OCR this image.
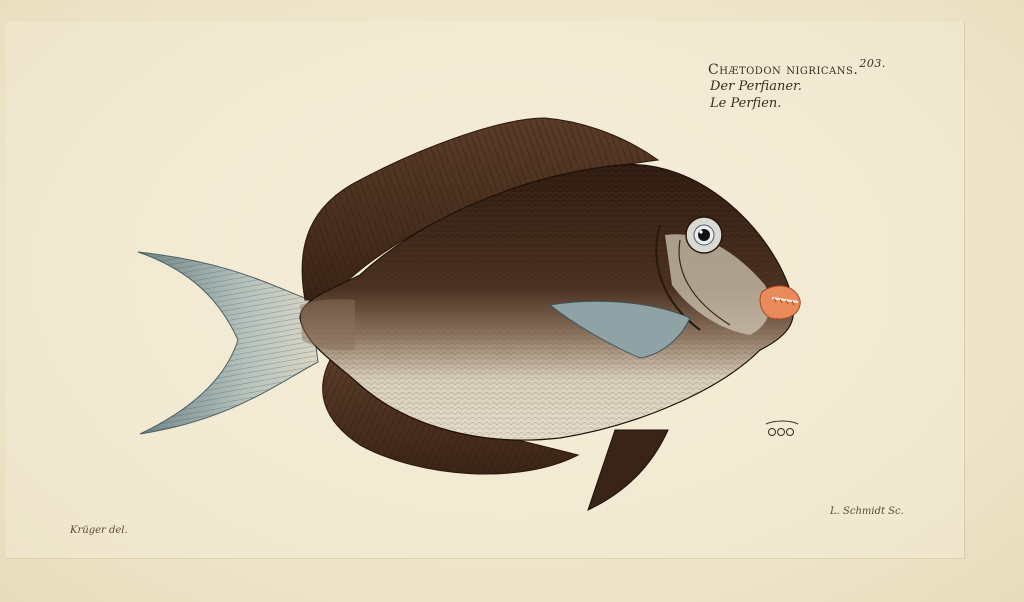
Chætodon nigricans.$^{203.}$
Der Perfianer.
Le Perfien.
Krüger del.
L. Schmidt Sc.
